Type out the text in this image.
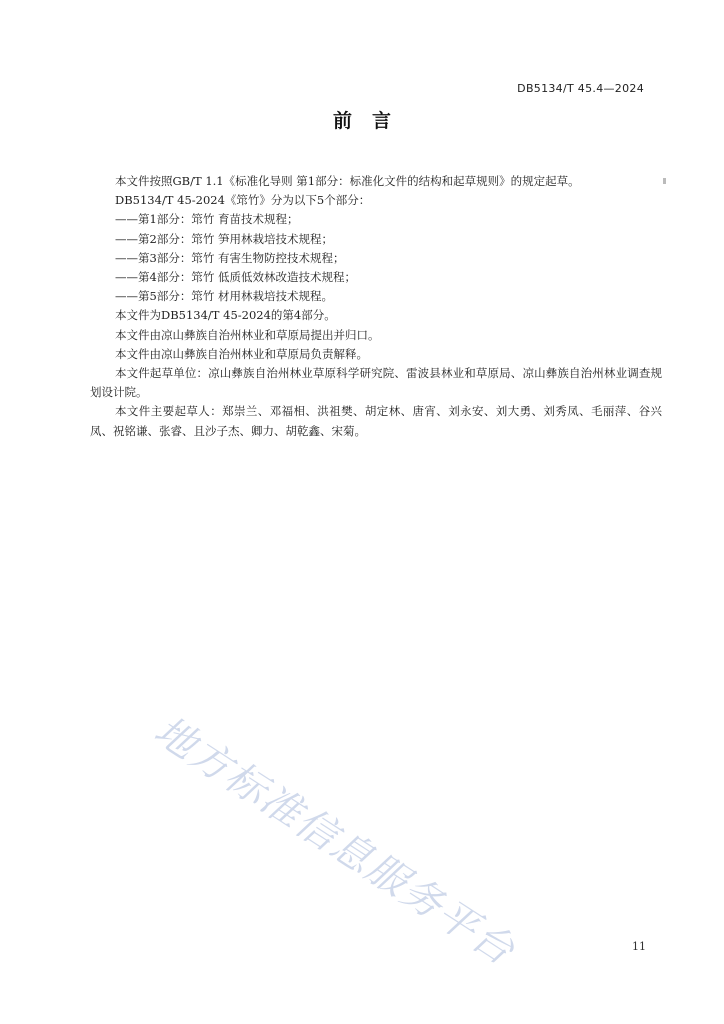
DB5134/T 45.4—2024
前言

本文件按照GB/T 1.1《标准化导则 第1部分：标准化文件的结构和起草规则》的规定起草。

DB5134/T 45-2024《筇竹》分为以下5个部分：

——第1部分：筇竹 育苗技术规程；

——第2部分：筇竹 笋用林栽培技术规程；

——第3部分：筇竹 有害生物防控技术规程；

——第4部分：筇竹 低质低效林改造技术规程；

——第5部分：筇竹 材用林栽培技术规程。

本文件为DB5134/T 45-2024的第4部分。

本文件由凉山彝族自治州林业和草原局提出并归口。

本文件由凉山彝族自治州林业和草原局负责解释。

本文件起草单位：凉山彝族自治州林业草原科学研究院、雷波县林业和草原局、凉山彝族自治州林业调查规划设计院。

本文件主要起草人：郑崇兰、邓福相、洪祖樊、胡定林、唐宵、刘永安、刘大勇、刘秀凤、毛丽萍、谷兴凤、祝铭谦、张睿、且沙子杰、卿力、胡乾鑫、宋菊。

地方标准信息服务平台	11
